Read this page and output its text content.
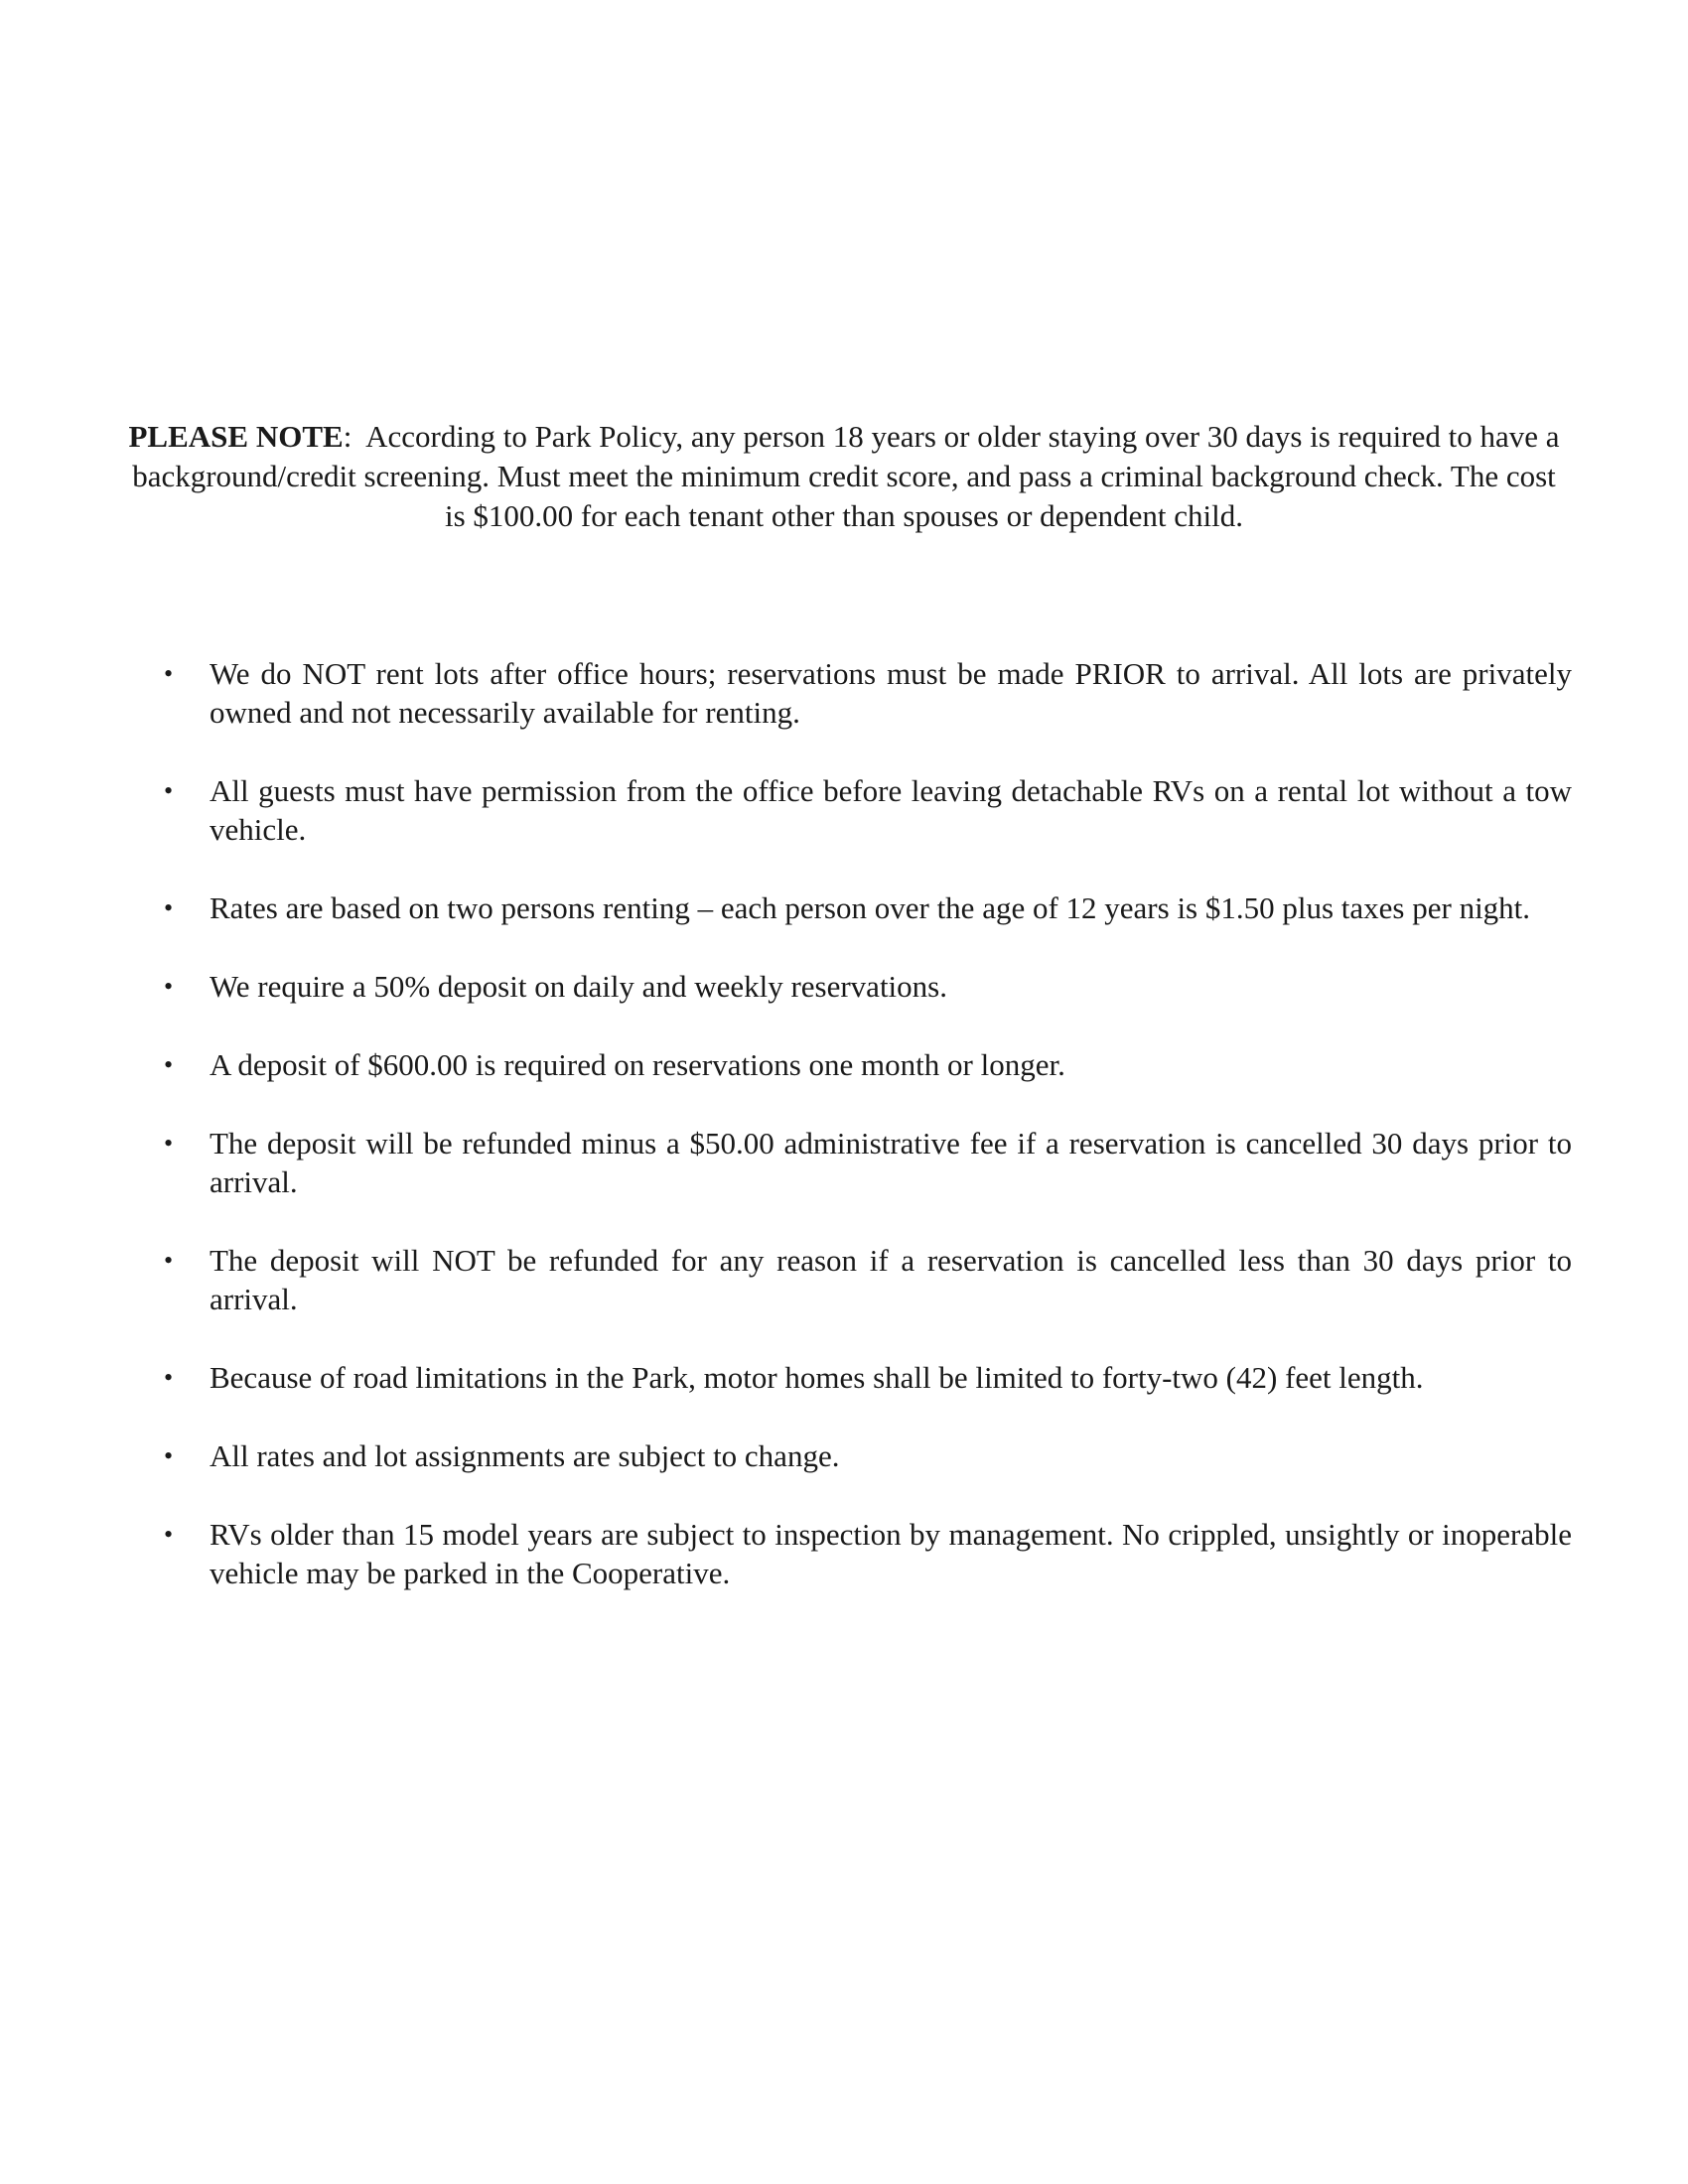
PLEASE NOTE:  According to Park Policy, any person 18 years or older staying over 30 days is required to have a background/credit screening. Must meet the minimum credit score, and pass a criminal background check. The cost is $100.00 for each tenant other than spouses or dependent child.
• We do NOT rent lots after office hours; reservations must be made PRIOR to arrival. All lots are privately owned and not necessarily available for renting.
• All guests must have permission from the office before leaving detachable RVs on a rental lot without a tow vehicle.
• Rates are based on two persons renting – each person over the age of 12 years is $1.50 plus taxes per night.
• We require a 50% deposit on daily and weekly reservations.
• A deposit of $600.00 is required on reservations one month or longer.
• The deposit will be refunded minus a $50.00 administrative fee if a reservation is cancelled 30 days prior to arrival.
• The deposit will NOT be refunded for any reason if a reservation is cancelled less than 30 days prior to arrival.
• Because of road limitations in the Park, motor homes shall be limited to forty-two (42) feet length.
• All rates and lot assignments are subject to change.
• RVs older than 15 model years are subject to inspection by management. No crippled, unsightly or inoperable vehicle may be parked in the Cooperative.
